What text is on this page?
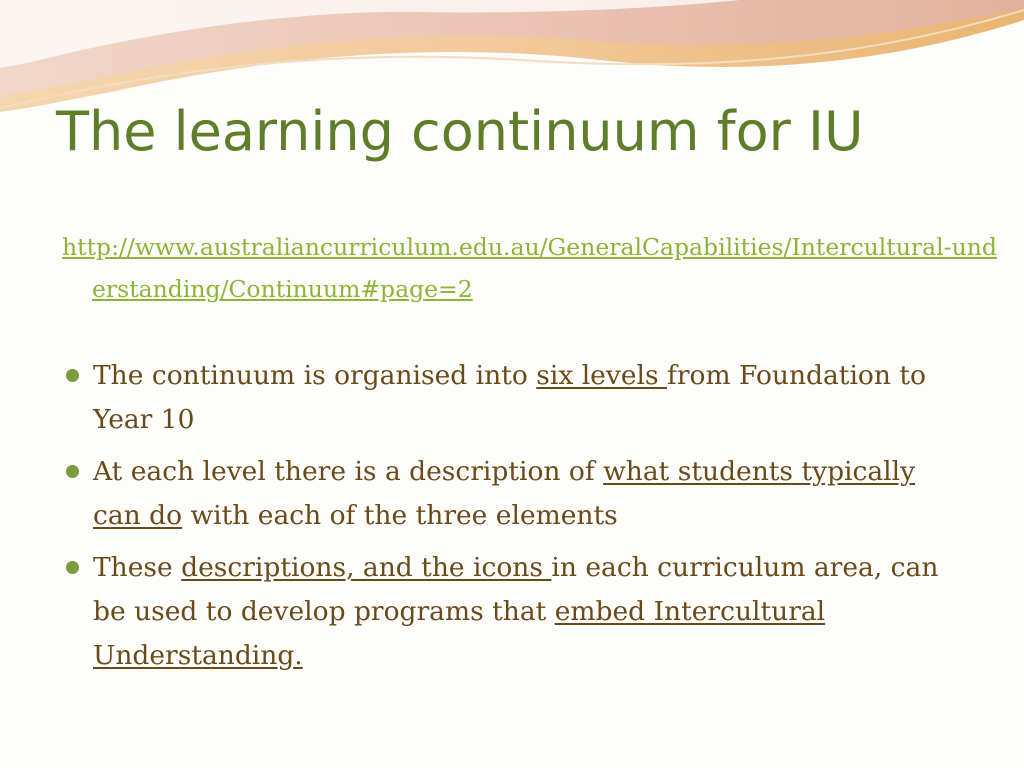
The learning continuum for IU

http://www.australiancurriculum.edu.au/GeneralCapabilities/Intercultural-understanding/Continuum#page=2

The continuum is organised into six levels from Foundation to Year 10
At each level there is a description of what students typically can do with each of the three elements
These descriptions, and the icons in each curriculum area, can be used to develop programs that embed Intercultural Understanding.
